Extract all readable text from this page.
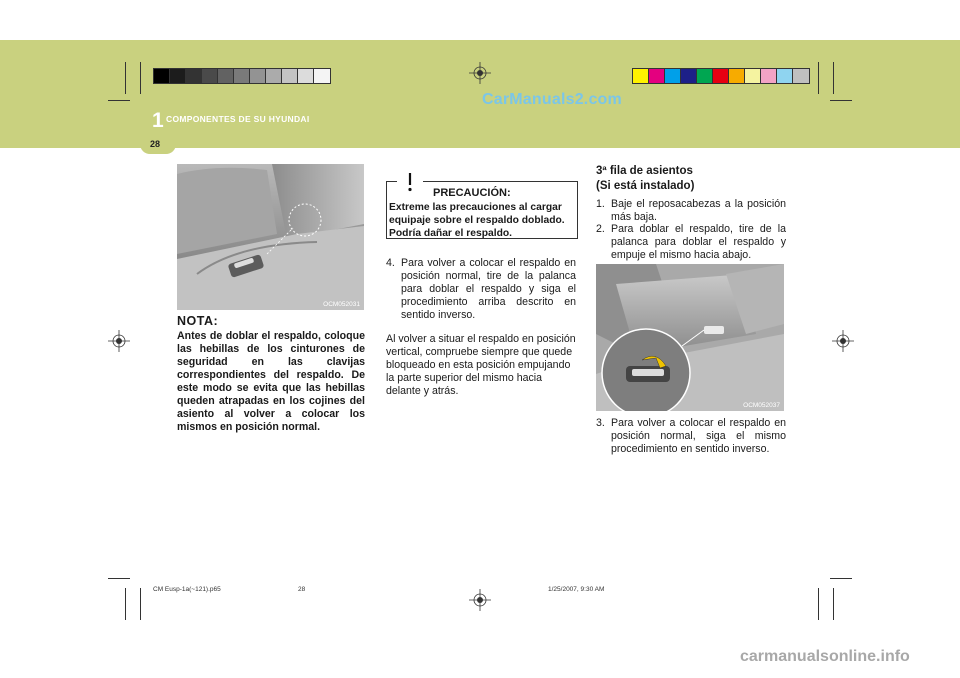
CarManuals2.com
1 COMPONENTES DE SU HYUNDAI
28
OCM052031
NOTA:
Antes de doblar el respaldo, coloque las hebillas de los cinturones de seguridad en las clavijas correspondientes del respaldo. De este modo se evita que las hebillas queden atrapadas en los cojines del asiento al volver a colocar los mismos en posición normal.
PRECAUCIÓN:
Extreme las precauciones al cargar equipaje sobre el respaldo doblado. Podría dañar el respaldo.
4. Para volver a colocar el respaldo en posición normal, tire de la palanca para doblar el respaldo y siga el procedimiento arriba descrito en sentido inverso.
Al volver a situar el respaldo en posición vertical, compruebe siempre que quede bloqueado en esta posición empujando la parte superior del mismo hacia delante y atrás.
3ª fila de asientos
(Si está instalado)
1. Baje el reposacabezas a la posición más baja.
2. Para doblar el respaldo, tire de la palanca para doblar el respaldo y empuje el mismo hacia abajo.
OCM052037
3. Para volver a colocar el respaldo en posición normal, siga el mismo procedimiento en sentido inverso.
CM Eusp-1a(~121).p65	28	1/25/2007, 9:30 AM
carmanualsonline.info
